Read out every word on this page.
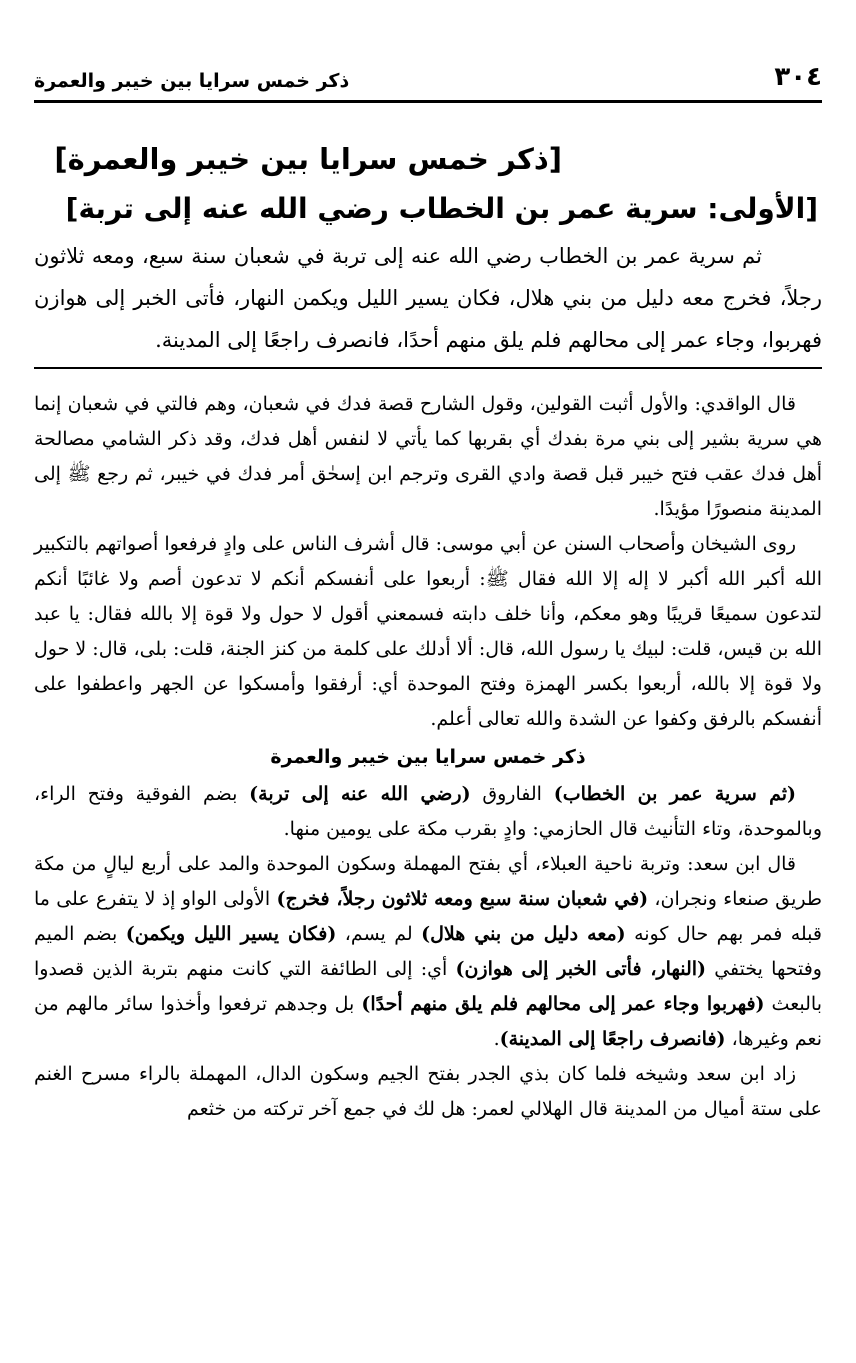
٣٠٤
ذكر خمس سرايا بين خيبر والعمرة
[ذكر خمس سرايا بين خيبر والعمرة]
[الأولى: سرية عمر بن الخطاب رضي الله عنه إلى تربة]

ثم سرية عمر بن الخطاب رضي الله عنه إلى تربة في شعبان سنة سبع، ومعه ثلاثون رجلاً، فخرج معه دليل من بني هلال، فكان يسير الليل ويكمن النهار، فأتى الخبر إلى هوازن فهربوا، وجاء عمر إلى محالهم فلم يلق منهم أحدًا، فانصرف راجعًا إلى المدينة.

قال الواقدي: والأول أثبت القولين، وقول الشارح قصة فدك في شعبان، وهم فالتي في شعبان إنما هي سرية بشير إلى بني مرة بفدك أي بقربها كما يأتي لا لنفس أهل فدك، وقد ذكر الشامي مصالحة أهل فدك عقب فتح خيبر قبل قصة وادي القرى وترجم ابن إسحٰق أمر فدك في خيبر، ثم رجع ﷺ إلى المدينة منصورًا مؤيدًا.

روى الشيخان وأصحاب السنن عن أبي موسى: قال أشرف الناس على وادٍ فرفعوا أصواتهم بالتكبير الله أكبر الله أكبر لا إله إلا الله فقال ﷺ: أربعوا على أنفسكم أنكم لا تدعون أصم ولا غائبًا أنكم لتدعون سميعًا قريبًا وهو معكم، وأنا خلف دابته فسمعني أقول لا حول ولا قوة إلا بالله فقال: يا عبد الله بن قيس، قلت: لبيك يا رسول الله، قال: ألا أدلك على كلمة من كنز الجنة، قلت: بلى، قال: لا حول ولا قوة إلا بالله، أربعوا بكسر الهمزة وفتح الموحدة أي: أرفقوا وأمسكوا عن الجهر واعطفوا على أنفسكم بالرفق وكفوا عن الشدة والله تعالى أعلم.

ذكر خمس سرايا بين خيبر والعمرة

(ثم سرية عمر بن الخطاب) الفاروق (رضي الله عنه إلى تربة) بضم الفوقية وفتح الراء، وبالموحدة، وتاء التأنيث قال الحازمي: وادٍ بقرب مكة على يومين منها.

قال ابن سعد: وتربة ناحية العبلاء، أي بفتح المهملة وسكون الموحدة والمد على أربع ليالٍ من مكة طريق صنعاء ونجران، (في شعبان سنة سبع ومعه ثلاثون رجلاً، فخرج) الأولى الواو إذ لا يتفرع على ما قبله فمر بهم حال كونه (معه دليل من بني هلال) لم يسم، (فكان يسير الليل ويكمن) بضم الميم وفتحها يختفي (النهار، فأتى الخبر إلى هوازن) أي: إلى الطائفة التي كانت منهم بتربة الذين قصدوا بالبعث (فهربوا وجاء عمر إلى محالهم فلم يلق منهم أحدًا) بل وجدهم ترفعوا وأخذوا سائر مالهم من نعم وغيرها، (فانصرف راجعًا إلى المدينة).

زاد ابن سعد وشيخه فلما كان بذي الجدر بفتح الجيم وسكون الدال، المهملة بالراء مسرح الغنم على ستة أميال من المدينة قال الهلالي لعمر: هل لك في جمع آخر تركته من خثعم
